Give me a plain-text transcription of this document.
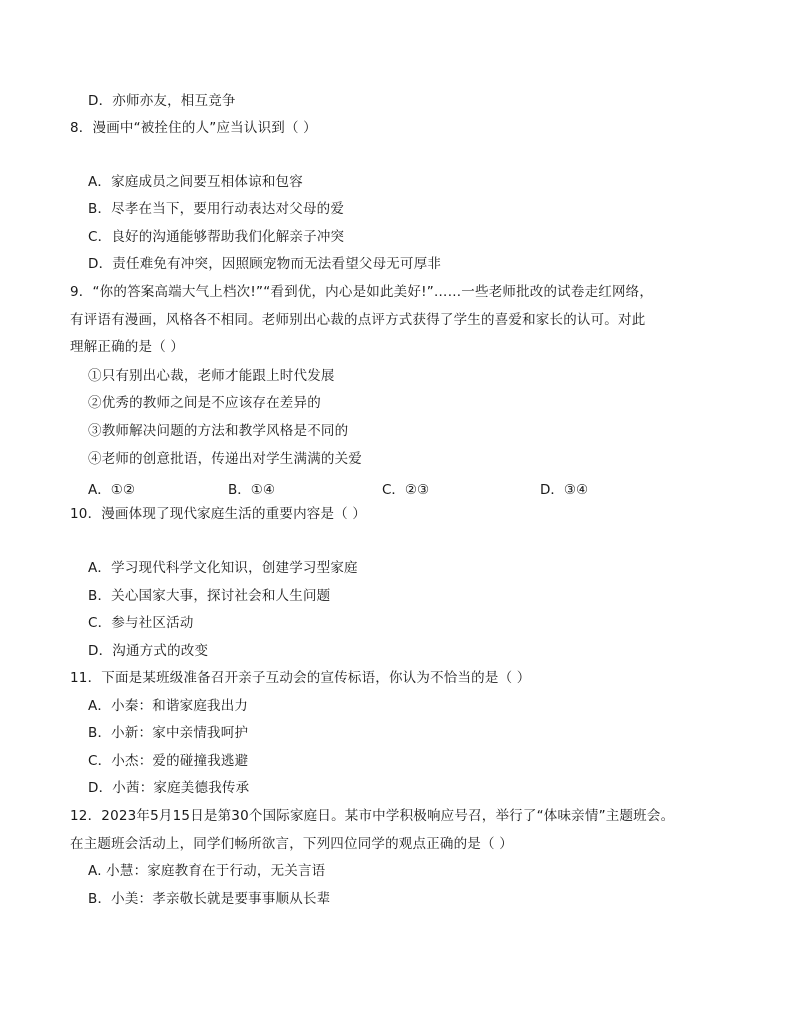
D．亦师亦友，相互竞争
8．漫画中“被拴住的人”应当认识到（ ）
A．家庭成员之间要互相体谅和包容
B．尽孝在当下，要用行动表达对父母的爱
C．良好的沟通能够帮助我们化解亲子冲突
D．责任难免有冲突，因照顾宠物而无法看望父母无可厚非
9．“你的答案高端大气上档次!”“看到优，内心是如此美好!”……一些老师批改的试卷走红网络，
有评语有漫画，风格各不相同。老师别出心裁的点评方式获得了学生的喜爱和家长的认可。对此
理解正确的是（ ）
①只有别出心裁，老师才能跟上时代发展
②优秀的教师之间是不应该存在差异的
③教师解决问题的方法和教学风格是不同的
④老师的创意批语，传递出对学生满满的关爱
A．①②	B．①④	C．②③	D．③④
10．漫画体现了现代家庭生活的重要内容是（ ）
A．学习现代科学文化知识，创建学习型家庭
B．关心国家大事，探讨社会和人生问题
C．参与社区活动
D．沟通方式的改变
11．下面是某班级准备召开亲子互动会的宣传标语，你认为不恰当的是（ ）
A．小秦：和谐家庭我出力
B．小新：家中亲情我呵护
C．小杰：爱的碰撞我逃避
D．小茜：家庭美德我传承
12．2023年5月15日是第30个国际家庭日。某市中学积极响应号召，举行了“体味亲情”主题班会。
在主题班会活动上，同学们畅所欲言，下列四位同学的观点正确的是（ ）
A. 小慧：家庭教育在于行动，无关言语
B．小美：孝亲敬长就是要事事顺从长辈
